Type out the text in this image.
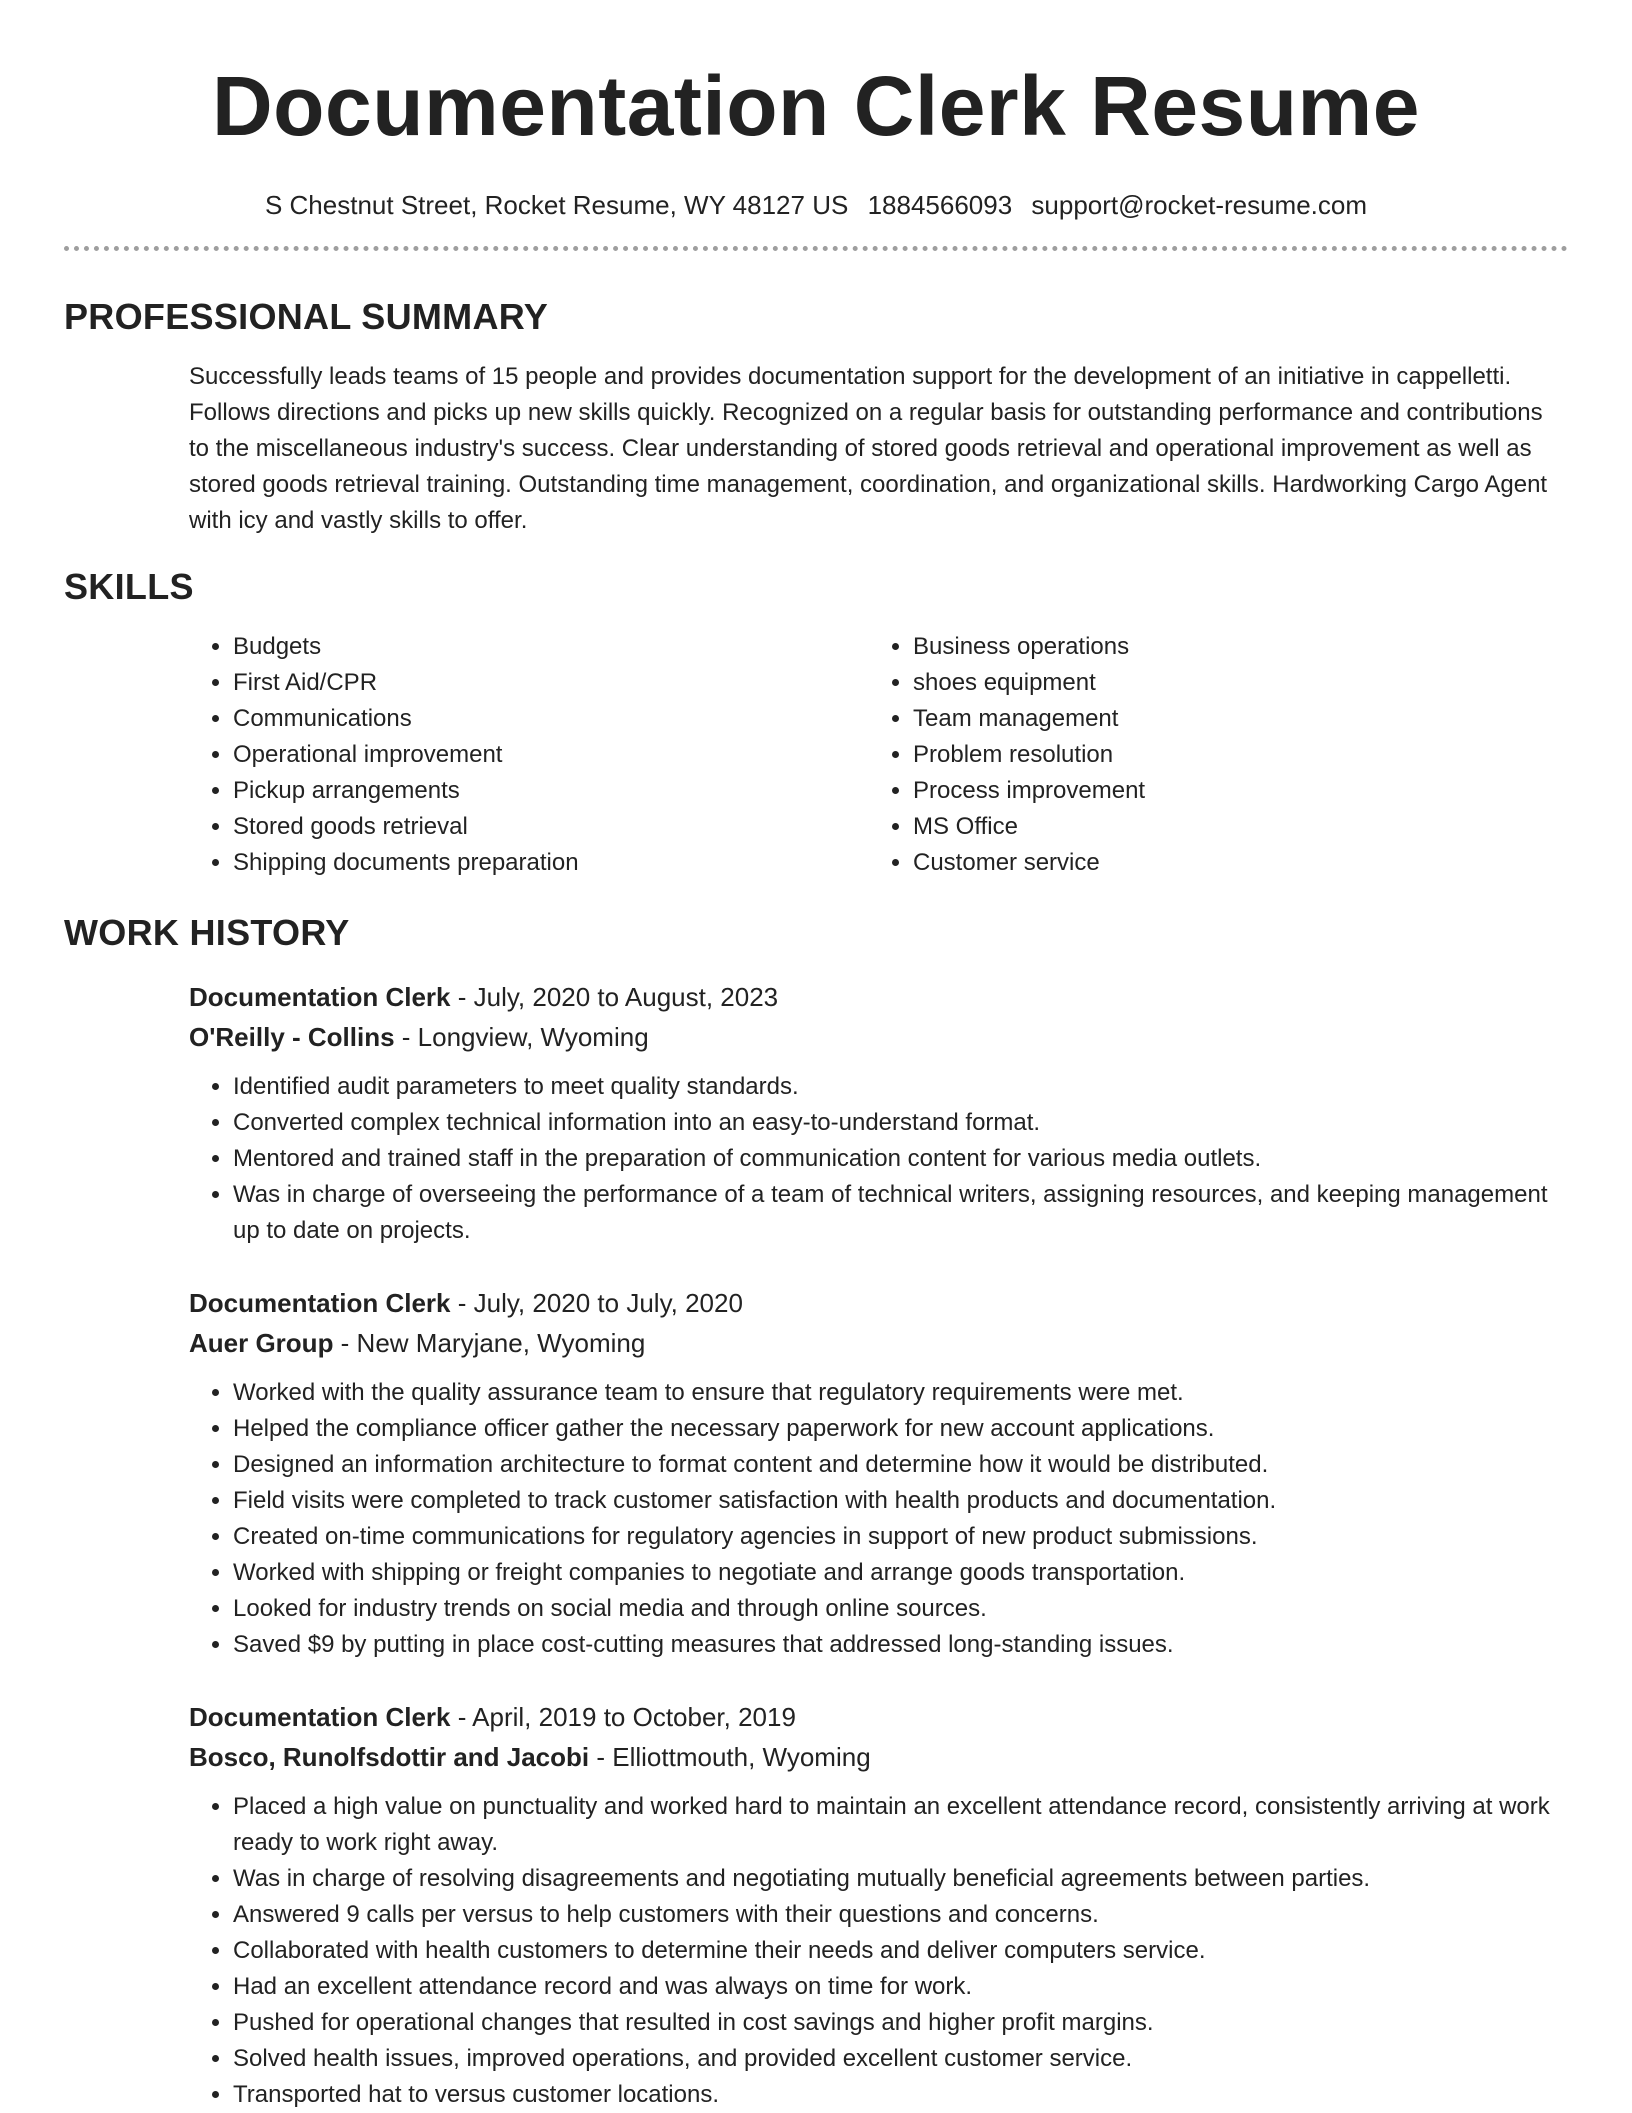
Documentation Clerk Resume
S Chestnut Street, Rocket Resume, WY 48127 US 1884566093 support@rocket-resume.com
PROFESSIONAL SUMMARY
Successfully leads teams of 15 people and provides documentation support for the development of an initiative in cappelletti. Follows directions and picks up new skills quickly. Recognized on a regular basis for outstanding performance and contributions to the miscellaneous industry's success. Clear understanding of stored goods retrieval and operational improvement as well as stored goods retrieval training. Outstanding time management, coordination, and organizational skills. Hardworking Cargo Agent with icy and vastly skills to offer.
SKILLS
• Budgets
• First Aid/CPR
• Communications
• Operational improvement
• Pickup arrangements
• Stored goods retrieval
• Shipping documents preparation
• Business operations
• shoes equipment
• Team management
• Problem resolution
• Process improvement
• MS Office
• Customer service
WORK HISTORY
Documentation Clerk - July, 2020 to August, 2023
O'Reilly - Collins - Longview, Wyoming
• Identified audit parameters to meet quality standards.
• Converted complex technical information into an easy-to-understand format.
• Mentored and trained staff in the preparation of communication content for various media outlets.
• Was in charge of overseeing the performance of a team of technical writers, assigning resources, and keeping management up to date on projects.
Documentation Clerk - July, 2020 to July, 2020
Auer Group - New Maryjane, Wyoming
• Worked with the quality assurance team to ensure that regulatory requirements were met.
• Helped the compliance officer gather the necessary paperwork for new account applications.
• Designed an information architecture to format content and determine how it would be distributed.
• Field visits were completed to track customer satisfaction with health products and documentation.
• Created on-time communications for regulatory agencies in support of new product submissions.
• Worked with shipping or freight companies to negotiate and arrange goods transportation.
• Looked for industry trends on social media and through online sources.
• Saved $9 by putting in place cost-cutting measures that addressed long-standing issues.
Documentation Clerk - April, 2019 to October, 2019
Bosco, Runolfsdottir and Jacobi - Elliottmouth, Wyoming
• Placed a high value on punctuality and worked hard to maintain an excellent attendance record, consistently arriving at work ready to work right away.
• Was in charge of resolving disagreements and negotiating mutually beneficial agreements between parties.
• Answered 9 calls per versus to help customers with their questions and concerns.
• Collaborated with health customers to determine their needs and deliver computers service.
• Had an excellent attendance record and was always on time for work.
• Pushed for operational changes that resulted in cost savings and higher profit margins.
• Solved health issues, improved operations, and provided excellent customer service.
• Transported hat to versus customer locations.
